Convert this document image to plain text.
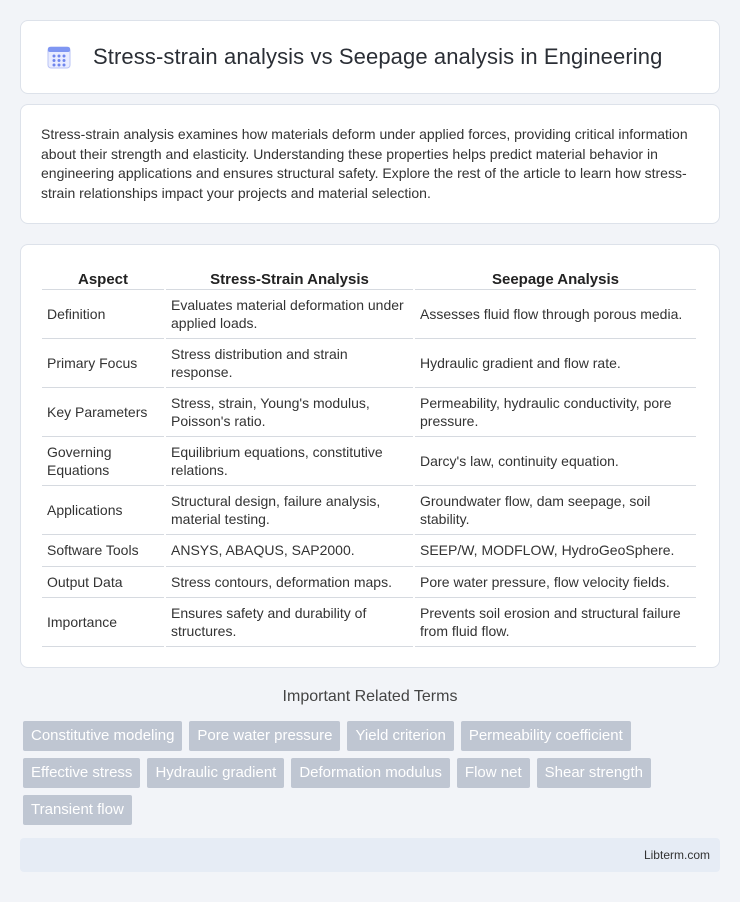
Stress-strain analysis vs Seepage analysis in Engineering

Stress-strain analysis examines how materials deform under applied forces, providing critical information about their strength and elasticity. Understanding these properties helps predict material behavior in engineering applications and ensures structural safety. Explore the rest of the article to learn how stress-strain relationships impact your projects and material selection.

Aspect	Stress-Strain Analysis	Seepage Analysis
Definition	Evaluates material deformation under applied loads.	Assesses fluid flow through porous media.
Primary Focus	Stress distribution and strain response.	Hydraulic gradient and flow rate.
Key Parameters	Stress, strain, Young's modulus, Poisson's ratio.	Permeability, hydraulic conductivity, pore pressure.
Governing Equations	Equilibrium equations, constitutive relations.	Darcy's law, continuity equation.
Applications	Structural design, failure analysis, material testing.	Groundwater flow, dam seepage, soil stability.
Software Tools	ANSYS, ABAQUS, SAP2000.	SEEP/W, MODFLOW, HydroGeoSphere.
Output Data	Stress contours, deformation maps.	Pore water pressure, flow velocity fields.
Importance	Ensures safety and durability of structures.	Prevents soil erosion and structural failure from fluid flow.
Important Related Terms
Constitutive modeling	Pore water pressure	Yield criterion	Permeability coefficient
Effective stress	Hydraulic gradient	Deformation modulus	Flow net	Shear strength
Transient flow
Libterm.com
